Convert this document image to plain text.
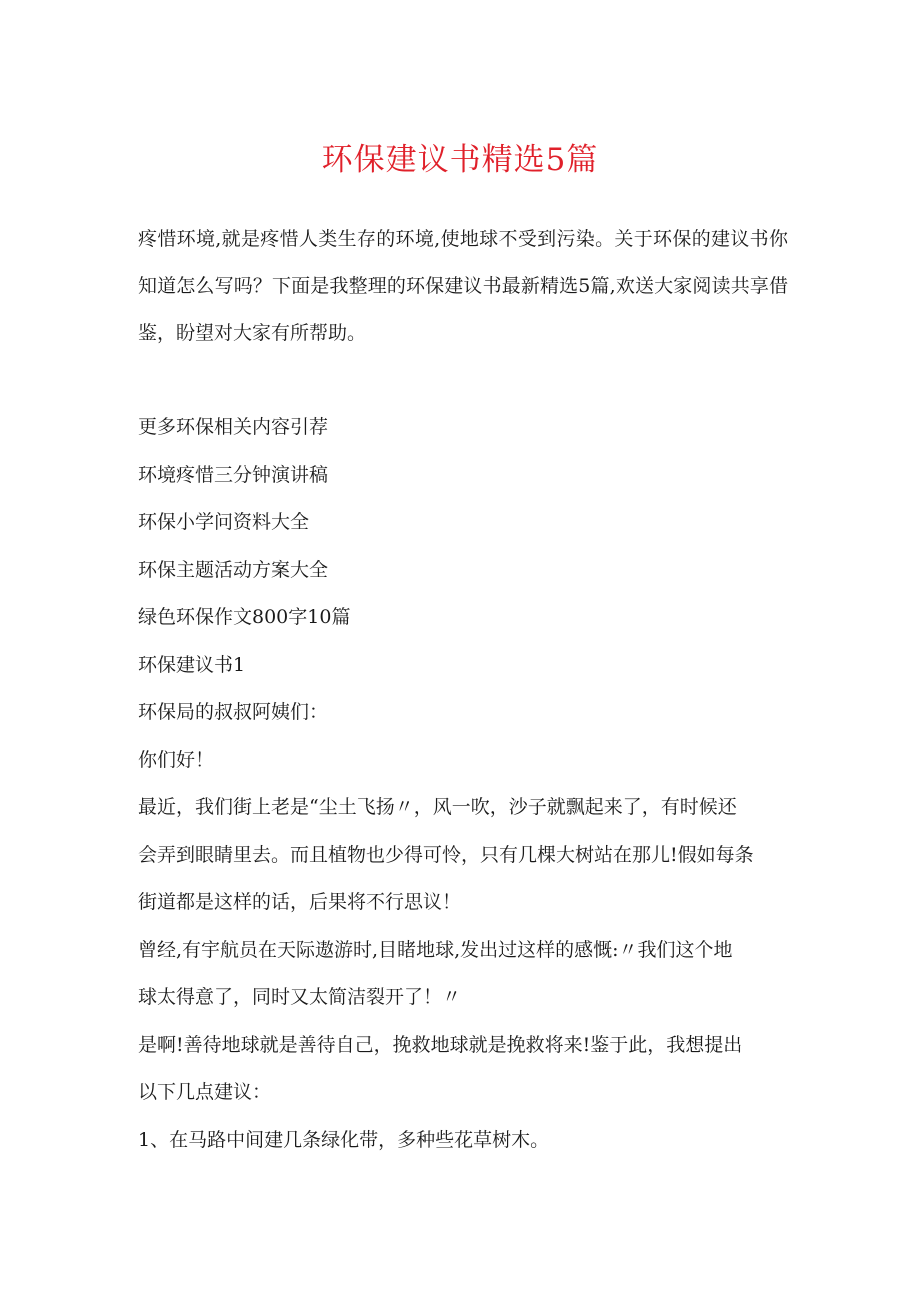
环保建议书精选5篇

疼惜环境,就是疼惜人类生存的环境,使地球不受到污染。关于环保的建议书你知道怎么写吗？下面是我整理的环保建议书最新精选5篇,欢送大家阅读共享借鉴，盼望对大家有所帮助。

更多环保相关内容引荐
环境疼惜三分钟演讲稿
环保小学问资料大全
环保主题活动方案大全
绿色环保作文800字10篇
环保建议书1
环保局的叔叔阿姨们：
你们好！
最近，我们街上老是“尘土飞扬〃，风一吹，沙子就飘起来了，有时候还
会弄到眼睛里去。而且植物也少得可怜，只有几棵大树站在那儿!假如每条
街道都是这样的话，后果将不行思议！
曾经,有宇航员在天际遨游时,目睹地球,发出过这样的感慨:〃我们这个地
球太得意了，同时又太简洁裂开了！〃
是啊!善待地球就是善待自己，挽救地球就是挽救将来!鉴于此，我想提出
以下几点建议：
1、在马路中间建几条绿化带，多种些花草树木。
